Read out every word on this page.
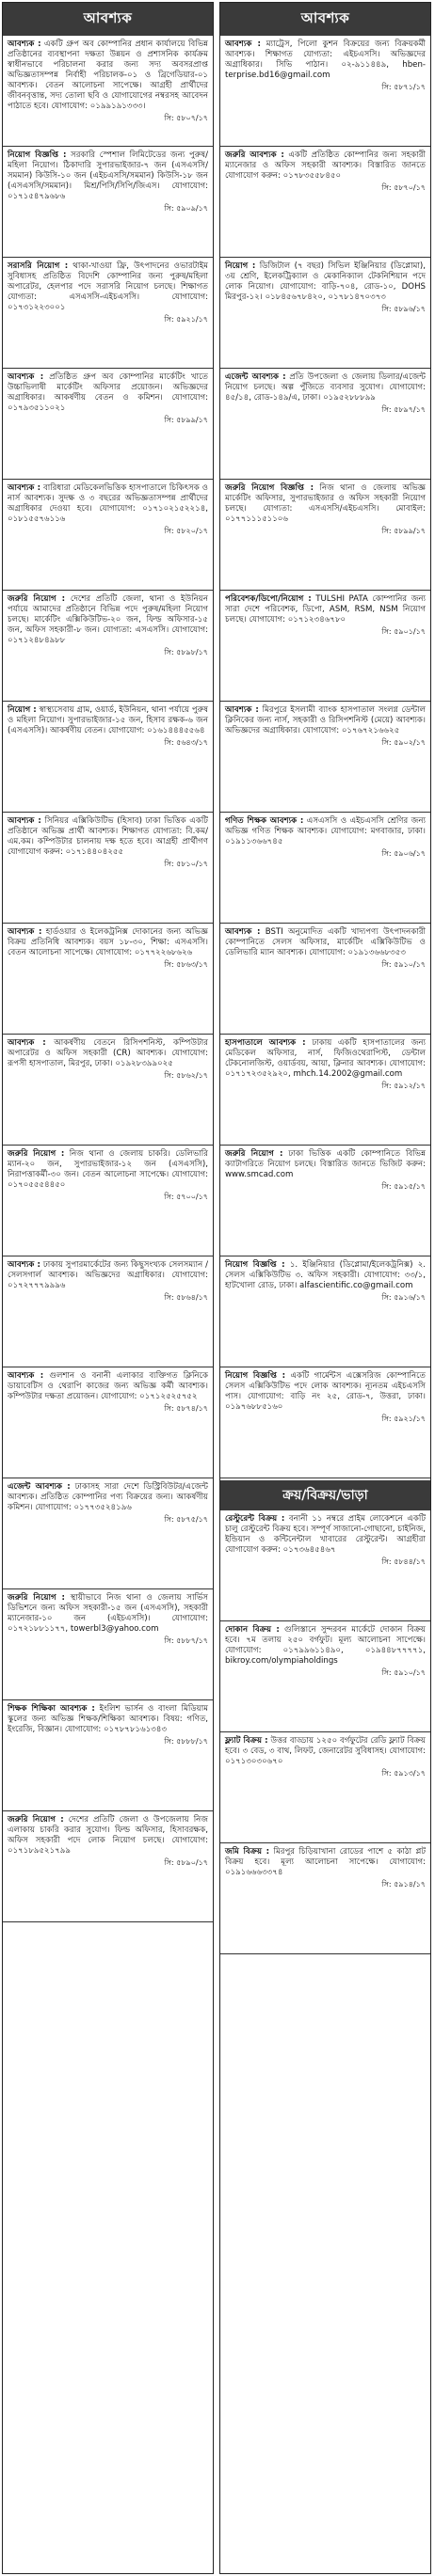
আবশ্যক
আবশ্যক : একটি গ্রুপ অব কোম্পানির প্রধান কার্যালয়ে বিভিন্ন প্রতিষ্ঠানের ব্যবস্থাপনা দক্ষতা উন্নয়ন ও প্রশাসনিক কার্যক্রম স্বাধীনভাবে পরিচালনা করার জন্য সদ্য অবসরপ্রাপ্ত অভিজ্ঞতাসম্পন্ন নির্বাহী পরিচালক-০১ ও ব্রিগেডিয়ার-০১ আবশ্যক। বেতন আলোচনা সাপেক্ষে। আগ্রহী প্রার্থীদের জীবনবৃত্তান্ত, সদ্য তোলা ছবি ও যোগাযোগের নম্বরসহ আবেদন পাঠাতে হবে। যোগাযোগ: ০১৯৯১৯১৩৩৩।
সি: ৫৮০৭/১৭
নিয়োগ বিজ্ঞপ্তি : সরকারি স্পেশাল লিমিটেডের জন্য পুরুষ/মহিলা নিয়োগ। ঠিকাদারি সুপারভাইজার-৭ জন (এসএসসি/সমমান) কিউসি-১০ জন (এইচএসসি/সমমান) কিউসি-১৮ জন (এসএসসি/সমমান)। মিশ্র/পিসি/সিপি/জিএস। যোগাযোগ: ০১৭১৫৪৭৯৬৮৬
সি: ৫৯০৯/১৭
সরাসরি নিয়োগ : থাকা-খাওয়া ফ্রি, উৎপাদনের ওভারটাইম সুবিধাসহ প্রতিষ্ঠিত বিদেশি কোম্পানির জন্য পুরুষ/মহিলা অপারেটর, হেলপার পদে সরাসরি নিয়োগ চলছে। শিক্ষাগত যোগ্যতা: এসএসসি-এইচএসসি। যোগাযোগ: ০১৭৩১২২৩০০১
সি: ৫৯২১/১৭
আবশ্যক : প্রতিষ্ঠিত গ্রুপ অব কোম্পানির মার্কেটিং খাতে উচ্চাভিলাষী মার্কেটিং অফিসার প্রয়োজন। অভিজ্ঞদের অগ্রাধিকার। আকর্ষণীয় বেতন ও কমিশন। যোগাযোগ: ০১৭৯৩৫১১০২১
সি: ৫৮৯৯/১৭
আবশ্যক : বারিধারা মেডিকেলভিত্তিক হাসপাতালে চিকিৎসক ও নার্স আবশ্যক। সুদক্ষ ও ৩ বছরের অভিজ্ঞতাসম্পন্ন প্রার্থীদের অগ্রাধিকার দেওয়া হবে। যোগাযোগ: ০১৭১০২১৫২২১৪, ০১৮১৫৫৭৬১১৬
সি: ৫৮২০/১৭
জরুরি নিয়োগ : দেশের প্রতিটি জেলা, থানা ও ইউনিয়ন পর্যায়ে আমাদের প্রতিষ্ঠানে বিভিন্ন পদে পুরুষ/মহিলা নিয়োগ চলছে। মার্কেটিং এক্সিকিউটিভ-২০ জন, ফিল্ড অফিসার-১৫ জন, অফিস সহকারী-৮ জন। যোগ্যতা: এসএসসি। যোগাযোগ: ০১৭১২৪৮৪৯৮৮
সি: ৫৮৯৮/১৭
নিয়োগ : স্বাস্থ্যসেবায় গ্রাম, ওয়ার্ড, ইউনিয়ন, থানা পর্যায়ে পুরুষ ও মহিলা নিয়োগ। সুপারভাইজার-১৫ জন, হিসাব রক্ষক-৬ জন (এসএসসি)। আকর্ষণীয় বেতন। যোগাযোগ: ০১৬১৪৪৪৫৫৬৪
সি: ৫৬৪৩/১৭
আবশ্যক : সিনিয়র এক্সিকিউটিভ (হিসাব) ঢাকা ভিত্তিক একটি প্রতিষ্ঠানে অভিজ্ঞ প্রার্থী আবশ্যক। শিক্ষাগত যোগ্যতা: বি.কম/এম.কম। কম্পিউটার চালনায় দক্ষ হতে হবে। আগ্রহী প্রার্থীগণ যোগাযোগ করুন: ০১৭১৪৪০৪২৫৫
সি: ৫৮১০/১৭
আবশ্যক : হার্ডওয়ার ও ইলেকট্রনিক্স দোকানের জন্য অভিজ্ঞ বিক্রয় প্রতিনিধি আবশ্যক। বয়স ১৮-৩০, শিক্ষা: এসএসসি। বেতন আলোচনা সাপেক্ষে। যোগাযোগ: ০১৭৭২২৬৮৬২৬
সি: ৫৮৬৩/১৭
আবশ্যক : আকর্ষণীয় বেতনে রিসিপশনিস্ট, কম্পিউটার অপারেটর ও অফিস সহকারী (CR) আবশ্যক। যোগাযোগ: রূপসী হাসপাতাল, মিরপুর, ঢাকা। ০১৯২৮৩৯৯০২৫
সি: ৫৮৬২/১৭
জরুরি নিয়োগ : নিজ থানা ও জেলায় চাকরি। ডেলিভারি ম্যান-২০ জন, সুপারভাইজার-১২ জন (এসএসসি), নিরাপত্তাকর্মী-৩০ জন। বেতন আলোচনা সাপেক্ষে। যোগাযোগ: ০১৭০৫৫৫৪৪৫০
সি: ৫৭০০/১৭
আবশ্যক : ঢাকায় সুপারমার্কেটের জন্য কিছুসংখ্যক সেলসম্যান / সেলসগার্ল আবশ্যক। অভিজ্ঞদের অগ্রাধিকার। যোগাযোগ: ০১৭২৭৭৭৯৯৯৬
সি: ৫৮৬৪/১৭
আবশ্যক : গুলশান ও বনানী এলাকার ব্যক্তিগত ক্লিনিকে ডায়াবেটিস ও থেরাপি কাজের জন্য অভিজ্ঞ কর্মী আবশ্যক। কম্পিউটার দক্ষতা প্রয়োজন। যোগাযোগ: ০১৭১২৫২৫৭৫২
সি: ৫৮৭৪/১৭
এজেন্ট আবশ্যক : ঢাকাসহ সারা দেশে ডিস্ট্রিবিউটর/এজেন্ট আবশ্যক। প্রতিষ্ঠিত কোম্পানির পণ্য বিক্রয়ের জন্য। আকর্ষণীয় কমিশন। যোগাযোগ: ০১৭৭৩৫২৪১৯৬
সি: ৫৮৭৫/১৭
জরুরি নিয়োগ : স্থায়ীভাবে নিজ থানা ও জেলায় সার্ভিস ডিভিশনে জন্য অফিস সহকারী-১৫ জন (এসএসসি), সহকারী ম্যানেজার-১০ জন (এইচএসসি)। যোগাযোগ: ০১৭২১৮৮১১৭৭, towerbl3@yahoo.com
সি: ৫৮৮৭/১৭
শিক্ষক শিক্ষিকা আবশ্যক : ইংলিশ ভার্সন ও বাংলা মিডিয়াম স্কুলের জন্য অভিজ্ঞ শিক্ষক/শিক্ষিকা আবশ্যক। বিষয়: গণিত, ইংরেজি, বিজ্ঞান। যোগাযোগ: ০১৭৮৭৮১৬১৩৪৩
সি: ৫৮৮৮/১৭
জরুরি নিয়োগ : দেশের প্রতিটি জেলা ও উপজেলায় নিজ এলাকায় চাকরি করার সুযোগ। ফিল্ড অফিসার, হিসাবরক্ষক, অফিস সহকারী পদে লোক নিয়োগ চলছে। যোগাযোগ: ০১৭১৮৯৫২১৭৯৯
সি: ৫৮৯০/১৭
আবশ্যক
আবশ্যক : ম্যাট্রেস, পিলো কুশন বিক্রয়ের জন্য বিক্রয়কর্মী আবশ্যক। শিক্ষাগত যোগ্যতা: এইচএসসি। অভিজ্ঞদের অগ্রাধিকার। সিভি পাঠান। ০২-৯১১৪৪৯, hben-terprise.bd16@gmail.com
সি: ৫৮৭১/১৭
জরুরি আবশ্যক : একটি প্রতিষ্ঠিত কোম্পানির জন্য সহকারী ম্যানেজার ও অফিস সহকারী আবশ্যক। বিস্তারিত জানতে যোগাযোগ করুন: ০১৭৮৩৫৫৮৪৫০
সি: ৫৮৭০/১৭
নিয়োগ : ডিজিটাল (৭ বছর) সিভিল ইঞ্জিনিয়ার (ডিপ্লোমা), ৩য় শ্রেণি, ইলেকট্রিক্যাল ও মেকানিক্যাল টেকনিশিয়ান পদে লোক নিয়োগ। যোগাযোগ: বাড়ি-৭০৪, রোড-১০, DOHS মিরপুর-১২। ০১৮৪৫৬৭৮৪২০, ০১৭৮১৪৭০৩৭৩
সি: ৫৮৯৬/১৭
এজেন্ট আবশ্যক : প্রতি উপজেলা ও জেলায় ডিলার/এজেন্ট নিয়োগ চলছে। অল্প পুঁজিতে ব্যবসার সুযোগ। যোগাযোগ: ৪৫/১৪, রোড-১৪৯/এ, ঢাকা। ০১৯৫২৮৮৮৯৯
সি: ৫৮৯৭/১৭
জরুরি নিয়োগ বিজ্ঞপ্তি : নিজ থানা ও জেলায় অভিজ্ঞ মার্কেটিং অফিসার, সুপারভাইজার ও অফিস সহকারী নিয়োগ চলছে। যোগ্যতা: এসএসসি/এইচএসসি। মোবাইল: ০১৭৭১১১৫১১০৬
সি: ৫৮৯৯/১৭
পরিবেশক/ডিপো/নিয়োগ : TULSHI PATA কোম্পানির জন্য সারা দেশে পরিবেশক, ডিপো, ASM, RSM, NSM নিয়োগ চলছে। যোগাযোগ: ০১৭১২৩৪৬৭৮০
সি: ৫৯০১/১৭
আবশ্যক : মিরপুরে ইসলামী ব্যাংক হাসপাতাল সংলগ্ন ডেন্টাল ক্লিনিকের জন্য নার্স, সহকারী ও রিসিপশনিস্ট (মেয়ে) আবশ্যক। অভিজ্ঞদের অগ্রাধিকার। যোগাযোগ: ০১৭৬৭২১৬৬২৫
সি: ৫৯০২/১৭
গণিত শিক্ষক আবশ্যক : এসএসসি ও এইচএসসি শ্রেণির জন্য অভিজ্ঞ গণিত শিক্ষক আবশ্যক। যোগাযোগ: মগবাজার, ঢাকা। ০১৯১১৩৬৬৭৪৫
সি: ৫৯০৬/১৭
আবশ্যক : BSTI অনুমোদিত একটি খাদ্যপণ্য উৎপাদনকারী কোম্পানিতে সেলস অফিসার, মার্কেটিং এক্সিকিউটিভ ও ডেলিভারি ম্যান আবশ্যক। যোগাযোগ: ০১৯১৩৬৬৮৩৫৩
সি: ৫৯১০/১৭
হাসপাতালে আবশ্যক : ঢাকায় একটি হাসপাতালের জন্য মেডিকেল অফিসার, নার্স, ফিজিওথেরাপিস্ট, ডেন্টাল টেকনোলজিস্ট, ওয়ার্ডবয়, আয়া, ক্লিনার আবশ্যক। যোগাযোগ: ০১৭১৭২৩৫২৯২০, mhch.14.2002@gmail.com
সি: ৫৯১২/১৭
জরুরি নিয়োগ : ঢাকা ভিত্তিক একটি কোম্পানিতে বিভিন্ন ক্যাটাগরিতে নিয়োগ চলছে। বিস্তারিত জানতে ভিজিট করুন: www.smcad.com
সি: ৫৯১৫/১৭
নিয়োগ বিজ্ঞপ্তি : ১. ইঞ্জিনিয়ার (ডিপ্লোমা/ইলেকট্রনিক্স) ২. সেলস এক্সিকিউটিভ ৩. অফিস সহকারী। যোগাযোগ: ৩৩/১, হাটখোলা রোড, ঢাকা। alfascientific.co@gmail.com
সি: ৫৯১৬/১৭
নিয়োগ বিজ্ঞপ্তি : একটি গার্মেন্টস এক্সেসরিজ কোম্পানিতে সেলস এক্সিকিউটিভ পদে লোক আবশ্যক। ন্যূনতম এইচএসসি পাস। যোগাযোগ: বাড়ি নং ২৫, রোড-৭, উত্তরা, ঢাকা। ০১৯৭৬৮৮৫১৬০
সি: ৫৯২১/১৭
ক্রয়/বিক্রয়/ভাড়া
রেস্টুরেন্ট বিক্রয় : বনানী ১১ নম্বরে প্রাইম লোকেশনে একটি চালু রেস্টুরেন্ট বিক্রয় হবে। সম্পূর্ণ সাজানো-গোছানো, চাইনিজ, ইন্ডিয়ান ও কন্টিনেন্টাল খাবারের রেস্টুরেন্ট। আগ্রহীরা যোগাযোগ করুন: ০১৭৩৬৪৫৪৬৭
সি: ৫৮৪৪/১৭
দোকান বিক্রয় : গুলিস্তানে সুন্দরবন মার্কেটে দোকান বিক্রয় হবে। ৭ম তলায় ২৫০ বর্গফুট। মূল্য আলোচনা সাপেক্ষে। যোগাযোগ: ০১৭৯৯৬১১৪৯০, ০১৯৪৪৮৭৭৭৭১, bikroy.com/olympiaholdings
সি: ৫৯১০/১৭
ফ্ল্যাট বিক্রয় : উত্তর বাড্ডায় ১২৫০ বর্গফুটের রেডি ফ্ল্যাট বিক্রয় হবে। ৩ বেড, ৩ বাথ, লিফট, জেনারেটর সুবিধাসহ। যোগাযোগ: ০১৭১৩০৩০৬৭০
সি: ৫৯১৩/১৭
জমি বিক্রয় : মিরপুর চিড়িয়াখানা রোডের পাশে ৫ কাঠা প্লট বিক্রয় হবে। মূল্য আলোচনা সাপেক্ষে। যোগাযোগ: ০১৯১৬৬৬৩৩৭৪
সি: ৫৯১৪/১৭
